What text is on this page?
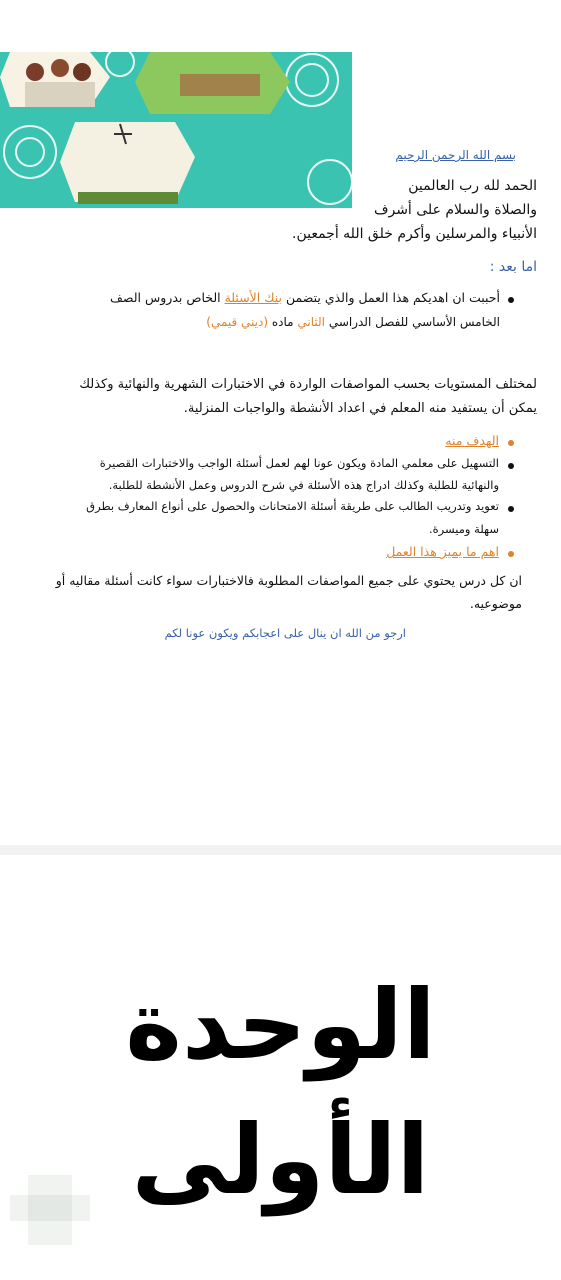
بسم الله الرحمن الرحيم
الحمد لله رب العالمين
والصلاة والسلام على أشرف
الأنبياء والمرسلين وأكرم خلق الله أجمعين.
اما بعد :
أحببت ان اهديكم هذا العمل والذي يتضمن بنك الأسئلة الخاص بدروس الصف
الخامس الأساسي للفصل الدراسي الثاني ماده (ديني قيمي)
لمختلف المستويات بحسب المواصفات الواردة في الاختبارات الشهرية والنهائية وكذلك
يمكن أن يستفيد منه المعلم في اعداد الأنشطة والواجبات المنزلية.
الهدف منه
التسهيل على معلمي المادة ويكون عونا لهم لعمل أسئلة الواجب والاختبارات القصيرة
والنهائية للطلبة وكذلك ادراج هذه الأسئلة في شرح الدروس وعمل الأنشطة للطلبة.
تعويد وتدريب الطالب على طريقة أسئلة الامتحانات والحصول على أنواع المعارف بطرق
سهلة وميسرة.
اهم ما يميز هذا العمل
ان كل درس يحتوي على جميع المواصفات المطلوبة فالاختبارات سواء كانت أسئلة مقاليه أو
موضوعيه.
ارجو من الله ان ينال على اعجابكم ويكون عونا لكم
الوحدة
الأولى
